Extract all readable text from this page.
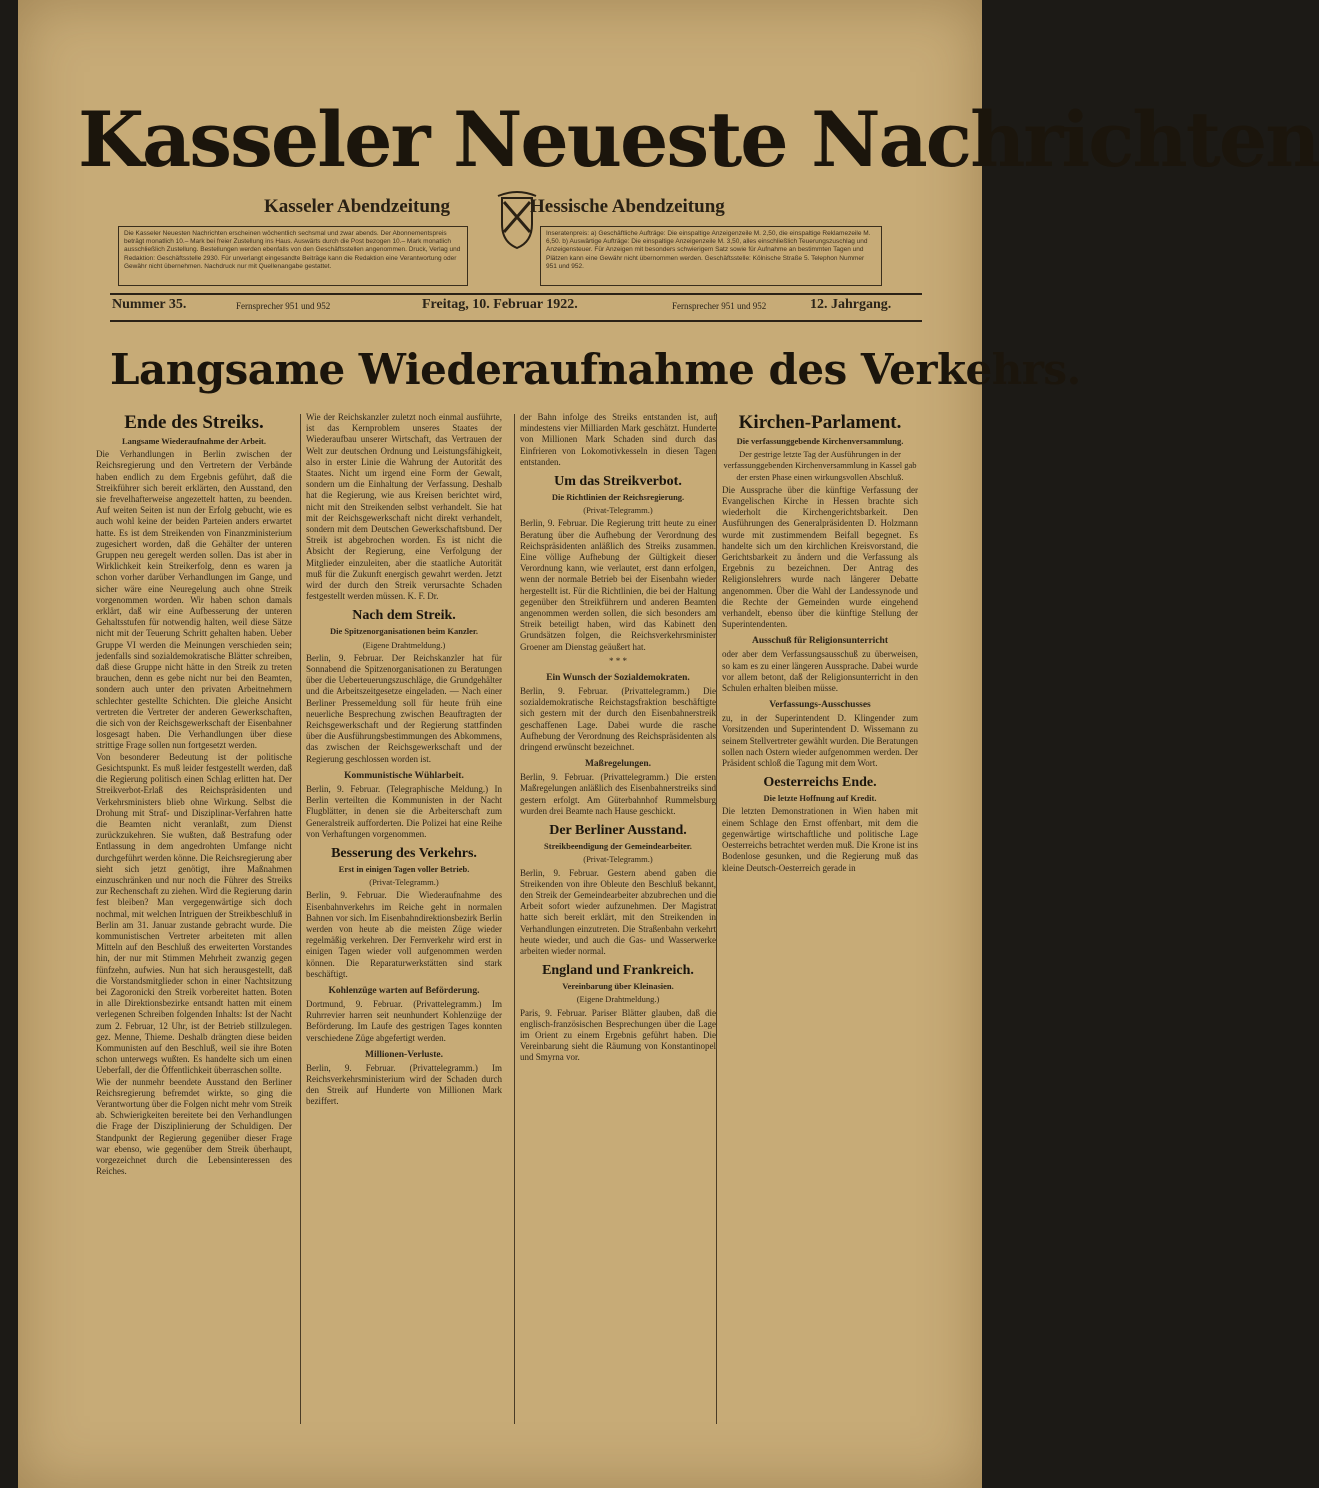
Kasseler Neueste Nachrichten
Kasseler Abendzeitung	Hessische Abendzeitung
Die Kasseler Neuesten Nachrichten erscheinen wöchentlich sechsmal und zwar abends. Der Abonnementspreis beträgt monatlich 10.– Mark bei freier Zustellung ins Haus. Auswärts durch die Post bezogen 10.– Mark monatlich ausschließlich Zustellung. Bestellungen werden ebenfalls von den Geschäftsstellen angenommen. Druck, Verlag und Redaktion: Geschäftsstelle 2930. Für unverlangt eingesandte Beiträge kann die Redaktion eine Verantwortung oder Gewähr nicht übernehmen. Nachdruck nur mit Quellenangabe gestattet.
Inseratenpreis: a) Geschäftliche Aufträge: Die einspaltige Anzeigenzeile M. 2,50, die einspaltige Reklamezeile M. 6,50. b) Auswärtige Aufträge: Die einspaltige Anzeigenzeile M. 3,50, alles einschließlich Teuerungszuschlag und Anzeigensteuer. Für Anzeigen mit besonders schwierigem Satz sowie für Aufnahme an bestimmten Tagen und Plätzen kann eine Gewähr nicht übernommen werden. Geschäftsstelle: Kölnische Straße 5. Telephon Nummer 951 und 952.
Nummer 35.	Fernsprecher 951 und 952	Freitag, 10. Februar 1922.	Fernsprecher 951 und 952	12. Jahrgang.
Langsame Wiederaufnahme des Verkehrs.
Ende des Streiks.
Langsame Wiederaufnahme der Arbeit.

Die Verhandlungen in Berlin zwischen der Reichsregierung und den Vertretern der Verbände haben endlich zu dem Ergebnis geführt, daß die Streikführer sich bereit erklärten, den Ausstand, den sie frevelhafterweise angezettelt hatten, zu beenden. Auf weiten Seiten ist nun der Erfolg gebucht, wie es auch wohl keine der beiden Parteien anders erwartet hatte. Es ist dem Streikenden von Finanzministerium zugesichert worden, daß die Gehälter der unteren Gruppen neu geregelt werden sollen. Das ist aber in Wirklichkeit kein Streikerfolg, denn es waren ja schon vorher darüber Verhandlungen im Gange, und sicher wäre eine Neuregelung auch ohne Streik vorgenommen worden. Wir haben schon damals erklärt, daß wir eine Aufbesserung der unteren Gehaltsstufen für notwendig halten, weil diese Sätze nicht mit der Teuerung Schritt gehalten haben. Ueber Gruppe VI werden die Meinungen verschieden sein; jedenfalls sind sozialdemokratische Blätter schreiben, daß diese Gruppe nicht hätte in den Streik zu treten brauchen, denn es gebe nicht nur bei den Beamten, sondern auch unter den privaten Arbeitnehmern schlechter gestellte Schichten. Die gleiche Ansicht vertreten die Vertreter der anderen Gewerkschaften, die sich von der Reichsgewerkschaft der Eisenbahner losgesagt haben. Die Verhandlungen über diese strittige Frage sollen nun fortgesetzt werden.

Von besonderer Bedeutung ist der politische Gesichtspunkt. Es muß leider festgestellt werden, daß die Regierung politisch einen Schlag erlitten hat. Der Streikverbot-Erlaß des Reichspräsidenten und Verkehrsministers blieb ohne Wirkung. Selbst die Drohung mit Straf- und Disziplinar-Verfahren hatte die Beamten nicht veranlaßt, zum Dienst zurückzukehren. Sie wußten, daß Bestrafung oder Entlassung in dem angedrohten Umfange nicht durchgeführt werden könne. Die Reichsregierung aber sieht sich jetzt genötigt, ihre Maßnahmen einzuschränken und nur noch die Führer des Streiks zur Rechenschaft zu ziehen. Wird die Regierung darin fest bleiben? Man vergegenwärtige sich doch nochmal, mit welchen Intriguen der Streikbeschluß in Berlin am 31. Januar zustande gebracht wurde. Die kommunistischen Vertreter arbeiteten mit allen Mitteln auf den Beschluß des erweiterten Vorstandes hin, der nur mit Stimmen Mehrheit zwanzig gegen fünfzehn, aufwies. Nun hat sich herausgestellt, daß die Vorstandsmitglieder schon in einer Nachtsitzung bei Zagoronicki den Streik vorbereitet hatten. Boten in alle Direktionsbezirke entsandt hatten mit einem verlegenen Schreiben folgenden Inhalts: Ist der Nacht zum 2. Februar, 12 Uhr, ist der Betrieb stillzulegen. gez. Menne, Thieme. Deshalb drängten diese beiden Kommunisten auf den Beschluß, weil sie ihre Boten schon unterwegs wußten. Es handelte sich um einen Ueberfall, der die Öffentlichkeit überraschen sollte.

Wie der nunmehr beendete Ausstand den Berliner Reichsregierung befremdet wirkte, so ging die Verantwortung über die Folgen nicht mehr vom Streik ab. Schwierigkeiten bereitete bei den Verhandlungen die Frage der Disziplinierung der Schuldigen. Der Standpunkt der Regierung gegenüber dieser Frage war ebenso, wie gegenüber dem Streik überhaupt, vorgezeichnet durch die Lebensinteressen des Reiches.

Wie der Reichskanzler zuletzt noch einmal ausführte, ist das Kernproblem unseres Staates der Wiederaufbau unserer Wirtschaft, das Vertrauen der Welt zur deutschen Ordnung und Leistungsfähigkeit, also in erster Linie die Wahrung der Autorität des Staates. Nicht um irgend eine Form der Gewalt, sondern um die Einhaltung der Verfassung. Deshalb hat die Regierung, wie aus Kreisen berichtet wird, nicht mit den Streikenden selbst verhandelt. Sie hat mit der Reichsgewerkschaft nicht direkt verhandelt, sondern mit dem Deutschen Gewerkschaftsbund. Der Streik ist abgebrochen worden. Es ist nicht die Absicht der Regierung, eine Verfolgung der Mitglieder einzuleiten, aber die staatliche Autorität muß für die Zukunft energisch gewahrt werden. Jetzt wird der durch den Streik verursachte Schaden festgestellt werden müssen. K. F. Dr.

Nach dem Streik.
Die Spitzenorganisationen beim Kanzler.
(Eigene Drahtmeldung.)

Berlin, 9. Februar. Der Reichskanzler hat für Sonnabend die Spitzenorganisationen zu Beratungen über die Ueberteuerungszuschläge, die Grundgehälter und die Arbeitszeitgesetze eingeladen. — Nach einer Berliner Pressemeldung soll für heute früh eine neuerliche Besprechung zwischen Beauftragten der Reichsgewerkschaft und der Regierung stattfinden über die Ausführungsbestimmungen des Abkommens, das zwischen der Reichsgewerkschaft und der Regierung geschlossen worden ist.

Kommunistische Wühlarbeit.

Berlin, 9. Februar. (Telegraphische Meldung.) In Berlin verteilten die Kommunisten in der Nacht Flugblätter, in denen sie die Arbeiterschaft zum Generalstreik aufforderten. Die Polizei hat eine Reihe von Verhaftungen vorgenommen.

Besserung des Verkehrs.
Erst in einigen Tagen voller Betrieb.
(Privat-Telegramm.)

Berlin, 9. Februar. Die Wiederaufnahme des Eisenbahnverkehrs im Reiche geht in normalen Bahnen vor sich. Im Eisenbahndirektionsbezirk Berlin werden von heute ab die meisten Züge wieder regelmäßig verkehren. Der Fernverkehr wird erst in einigen Tagen wieder voll aufgenommen werden können. Die Reparaturwerkstätten sind stark beschäftigt.

Kohlenzüge warten auf Beförderung.

Dortmund, 9. Februar. (Privattelegramm.) Im Ruhrrevier harren seit neunhundert Kohlenzüge der Beförderung. Im Laufe des gestrigen Tages konnten verschiedene Züge abgefertigt werden.

Millionen-Verluste.

Berlin, 9. Februar. (Privattelegramm.) Im Reichsverkehrsministerium wird der Schaden durch den Streik auf Hunderte von Millionen Mark beziffert.

der Bahn infolge des Streiks entstanden ist, auf mindestens vier Milliarden Mark geschätzt. Hunderte von Millionen Mark Schaden sind durch das Einfrieren von Lokomotivkesseln in diesen Tagen entstanden.

Um das Streikverbot.
Die Richtlinien der Reichsregierung.
(Privat-Telegramm.)

Berlin, 9. Februar. Die Regierung tritt heute zu einer Beratung über die Aufhebung der Verordnung des Reichspräsidenten anläßlich des Streiks zusammen. Eine völlige Aufhebung der Gültigkeit dieser Verordnung kann, wie verlautet, erst dann erfolgen, wenn der normale Betrieb bei der Eisenbahn wieder hergestellt ist. Für die Richtlinien, die bei der Haltung gegenüber den Streikführern und anderen Beamten angenommen werden sollen, die sich besonders am Streik beteiligt haben, wird das Kabinett den Grundsätzen folgen, die Reichsverkehrsminister Groener am Dienstag geäußert hat.

* * *
Ein Wunsch der Sozialdemokraten.

Berlin, 9. Februar. (Privattelegramm.) Die sozialdemokratische Reichstagsfraktion beschäftigte sich gestern mit der durch den Eisenbahnerstreik geschaffenen Lage. Dabei wurde die rasche Aufhebung der Verordnung des Reichspräsidenten als dringend erwünscht bezeichnet.

Maßregelungen.

Berlin, 9. Februar. (Privattelegramm.) Die ersten Maßregelungen anläßlich des Eisenbahnerstreiks sind gestern erfolgt. Am Güterbahnhof Rummelsburg wurden drei Beamte nach Hause geschickt.

Der Berliner Ausstand.
Streikbeendigung der Gemeindearbeiter.
(Privat-Telegramm.)

Berlin, 9. Februar. Gestern abend gaben die Streikenden von ihre Obleute den Beschluß bekannt, den Streik der Gemeindearbeiter abzubrechen und die Arbeit sofort wieder aufzunehmen. Der Magistrat hatte sich bereit erklärt, mit den Streikenden in Verhandlungen einzutreten. Die Straßenbahn verkehrt heute wieder, und auch die Gas- und Wasserwerke arbeiten wieder normal.

England und Frankreich.
Vereinbarung über Kleinasien.
(Eigene Drahtmeldung.)

Paris, 9. Februar. Pariser Blätter glauben, daß die englisch-französischen Besprechungen über die Lage im Orient zu einem Ergebnis geführt haben. Die Vereinbarung sieht die Räumung von Konstantinopel und Smyrna vor.

Kirchen-Parlament.
Die verfassunggebende Kirchenversammlung.
Der gestrige letzte Tag der Ausführungen in der verfassunggebenden Kirchenversammlung in Kassel gab der ersten Phase einen wirkungsvollen Abschluß.

Die Aussprache über die künftige Verfassung der Evangelischen Kirche in Hessen brachte sich wiederholt die Kirchengerichtsbarkeit. Den Ausführungen des Generalpräsidenten D. Holzmann wurde mit zustimmendem Beifall begegnet. Es handelte sich um den kirchlichen Kreisvorstand, die Gerichtsbarkeit zu ändern und die Verfassung als Ergebnis zu bezeichnen. Der Antrag des Religionslehrers wurde nach längerer Debatte angenommen. Über die Wahl der Landessynode und die Rechte der Gemeinden wurde eingehend verhandelt, ebenso über die künftige Stellung der Superintendenten.

Ausschuß für Religionsunterricht

oder aber dem Verfassungsausschuß zu überweisen, so kam es zu einer längeren Aussprache. Dabei wurde vor allem betont, daß der Religionsunterricht in den Schulen erhalten bleiben müsse.

Verfassungs-Ausschusses

zu, in der Superintendent D. Klingender zum Vorsitzenden und Superintendent D. Wissemann zu seinem Stellvertreter gewählt wurden. Die Beratungen sollen nach Ostern wieder aufgenommen werden. Der Präsident schloß die Tagung mit dem Wort.

Oesterreichs Ende.
Die letzte Hoffnung auf Kredit.

Die letzten Demonstrationen in Wien haben mit einem Schlage den Ernst offenbart, mit dem die gegenwärtige wirtschaftliche und politische Lage Oesterreichs betrachtet werden muß. Die Krone ist ins Bodenlose gesunken, und die Regierung muß das kleine Deutsch-Oesterreich gerade in
